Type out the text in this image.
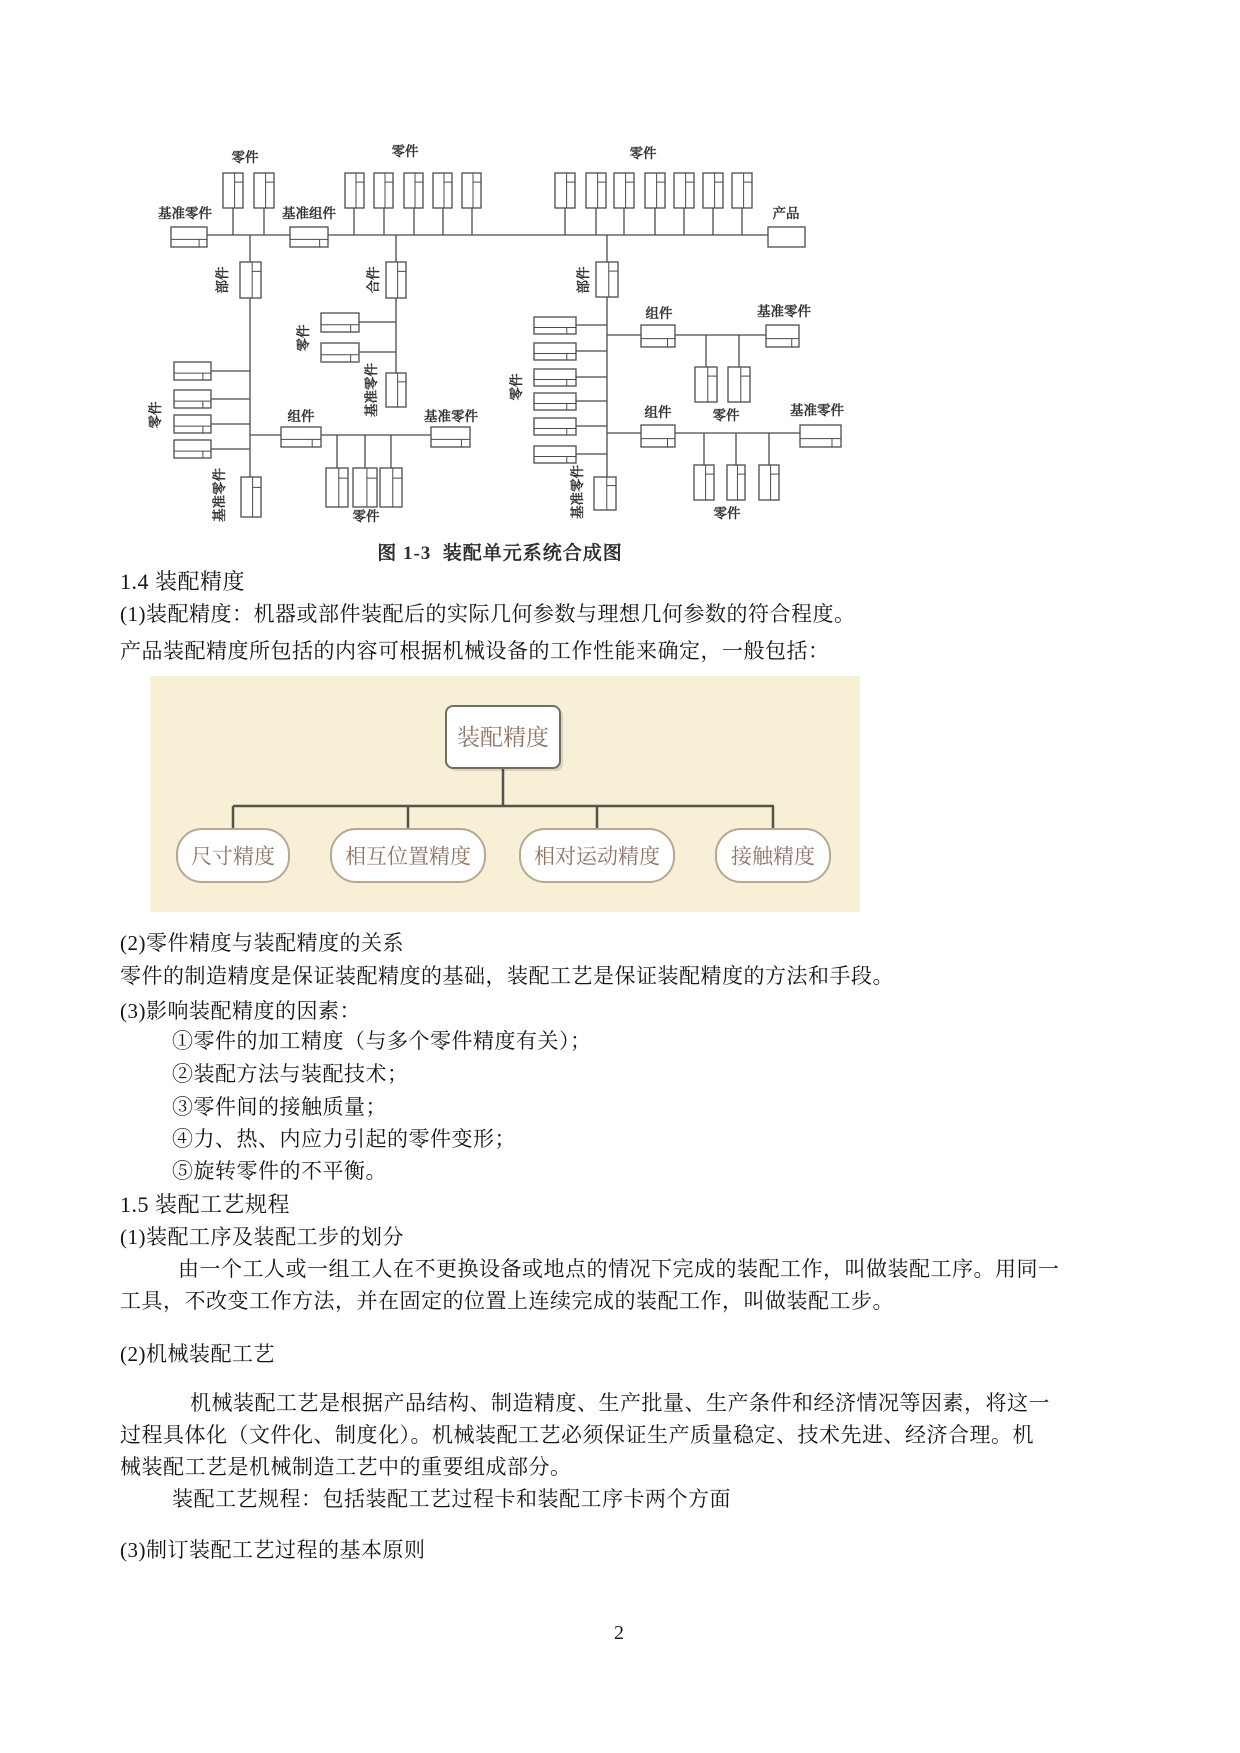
零件	零件	零件
基准零件	基准组件	产品
部件	合件	部件
零件
零件
零件
基准零件
基准零件	基准零件
组件	基准零件
零件
组件	基准零件
零件
组件	基准零件
零件
装配精度
尺寸精度	相互位置精度	相对运动精度	接触精度
图 1-3  装配单元系统合成图
1.4 装配精度
(1)装配精度：机器或部件装配后的实际几何参数与理想几何参数的符合程度。
产品装配精度所包括的内容可根据机械设备的工作性能来确定，一般包括：
(2)零件精度与装配精度的关系
零件的制造精度是保证装配精度的基础，装配工艺是保证装配精度的方法和手段。
(3)影响装配精度的因素：
①零件的加工精度（与多个零件精度有关）；
②装配方法与装配技术；
③零件间的接触质量；
④力、热、内应力引起的零件变形；
⑤旋转零件的不平衡。
1.5 装配工艺规程
(1)装配工序及装配工步的划分
由一个工人或一组工人在不更换设备或地点的情况下完成的装配工作，叫做装配工序。用同一
工具，不改变工作方法，并在固定的位置上连续完成的装配工作，叫做装配工步。
(2)机械装配工艺
机械装配工艺是根据产品结构、制造精度、生产批量、生产条件和经济情况等因素，将这一
过程具体化（文件化、制度化）。机械装配工艺必须保证生产质量稳定、技术先进、经济合理。机
械装配工艺是机械制造工艺中的重要组成部分。
装配工艺规程：包括装配工艺过程卡和装配工序卡两个方面
(3)制订装配工艺过程的基本原则
2
